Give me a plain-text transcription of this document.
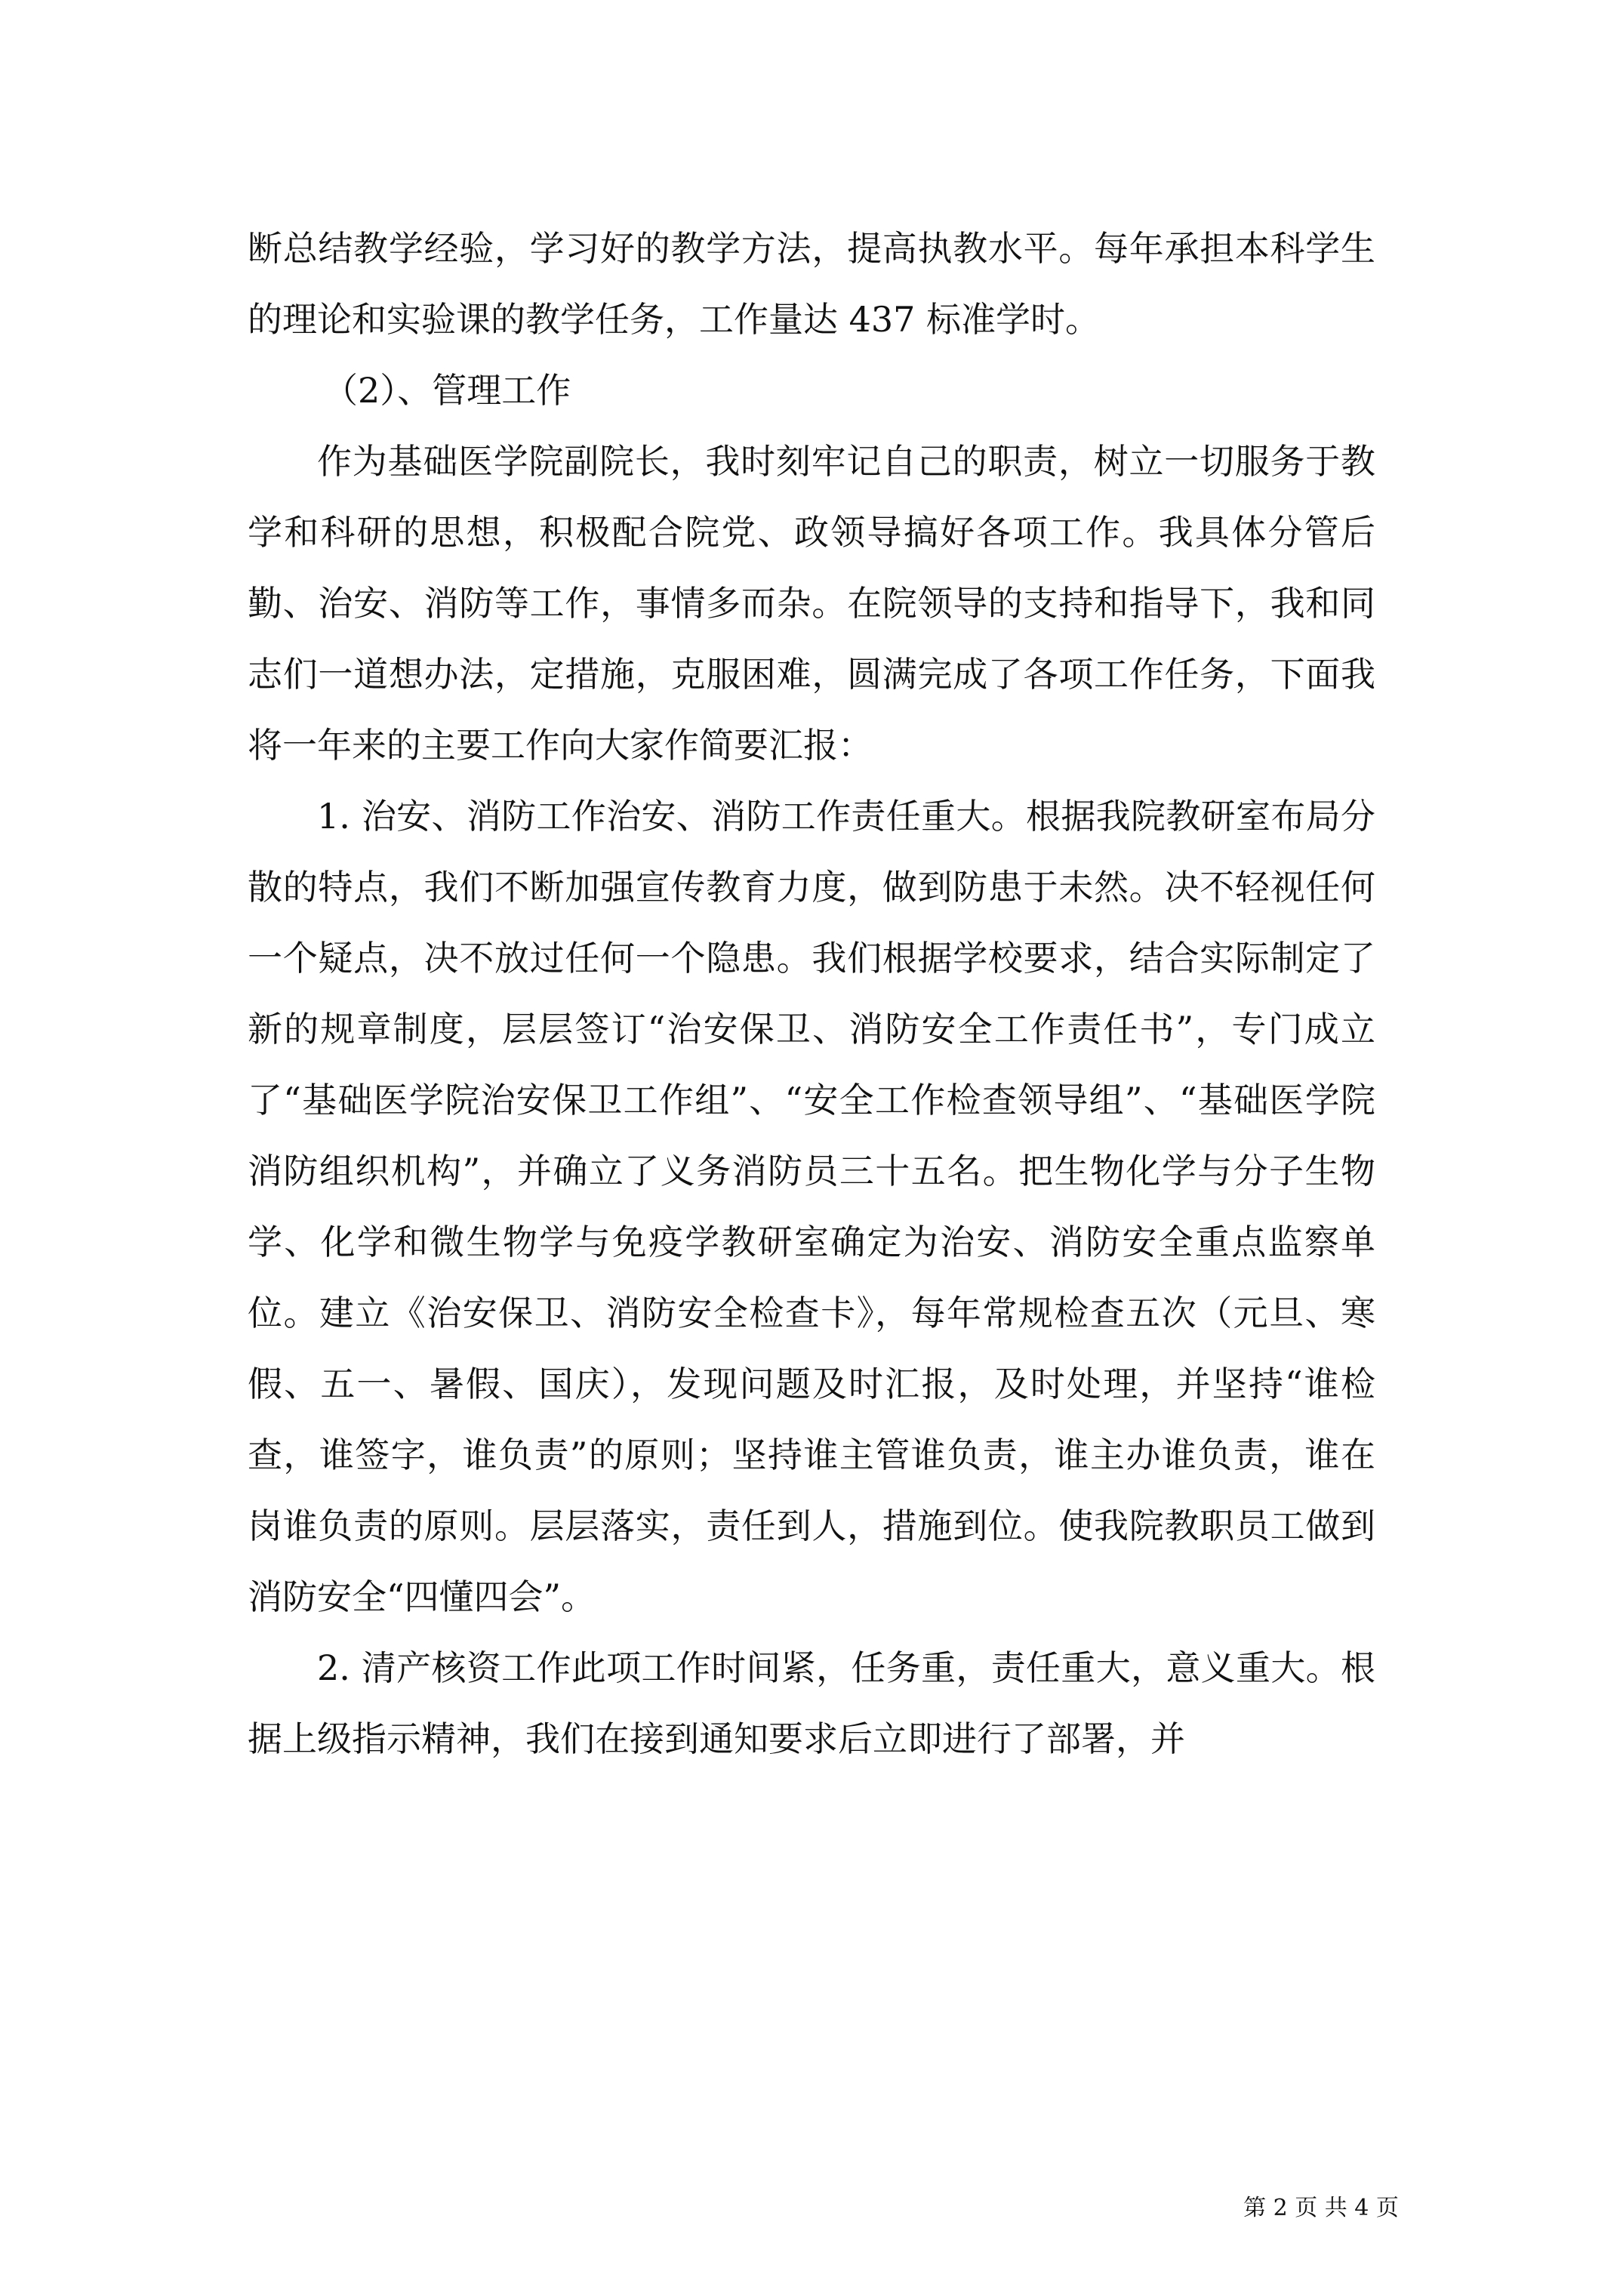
断总结教学经验，学习好的教学方法，提高执教水平。每年承担本科学生的理论和实验课的教学任务，工作量达 437 标准学时。

（2）、管理工作

作为基础医学院副院长，我时刻牢记自己的职责，树立一切服务于教学和科研的思想，积极配合院党、政领导搞好各项工作。我具体分管后勤、治安、消防等工作，事情多而杂。在院领导的支持和指导下，我和同志们一道想办法，定措施，克服困难，圆满完成了各项工作任务，下面我将一年来的主要工作向大家作简要汇报：

1. 治安、消防工作治安、消防工作责任重大。根据我院教研室布局分散的特点，我们不断加强宣传教育力度，做到防患于未然。决不轻视任何一个疑点，决不放过任何一个隐患。我们根据学校要求，结合实际制定了新的规章制度，层层签订“治安保卫、消防安全工作责任书”，专门成立了“基础医学院治安保卫工作组”、“安全工作检查领导组”、“基础医学院消防组织机构”，并确立了义务消防员三十五名。把生物化学与分子生物学、化学和微生物学与免疫学教研室确定为治安、消防安全重点监察单位。建立《治安保卫、消防安全检查卡》，每年常规检查五次（元旦、寒假、五一、暑假、国庆），发现问题及时汇报，及时处理，并坚持“谁检查，谁签字，谁负责”的原则；坚持谁主管谁负责，谁主办谁负责，谁在岗谁负责的原则。层层落实，责任到人，措施到位。使我院教职员工做到消防安全“四懂四会”。

2. 清产核资工作此项工作时间紧，任务重，责任重大，意义重大。根据上级指示精神，我们在接到通知要求后立即进行了部署，并

第 2 页 共 4 页
